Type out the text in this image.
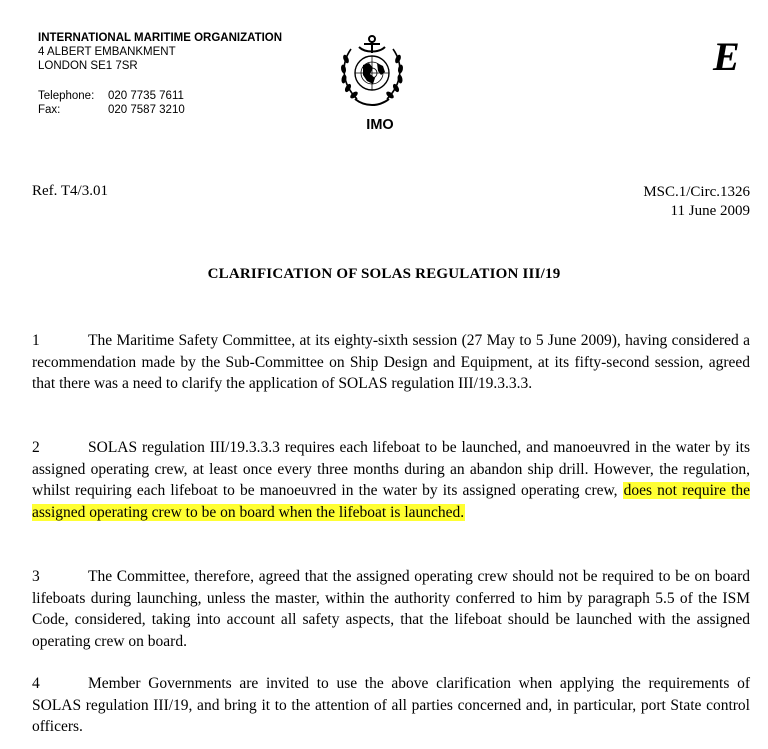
INTERNATIONAL MARITIME ORGANIZATION
4 ALBERT EMBANKMENT
LONDON SE1 7SR
Telephone:	020 7735 7611
Fax:	020 7587 3210
IMO
E
Ref. T4/3.01	MSC.1/Circ.1326
11 June 2009
CLARIFICATION OF SOLAS REGULATION III/19
1	The Maritime Safety Committee, at its eighty-sixth session (27 May to 5 June 2009), having considered a recommendation made by the Sub-Committee on Ship Design and Equipment, at its fifty-second session, agreed that there was a need to clarify the application of SOLAS regulation III/19.3.3.3.
2	SOLAS regulation III/19.3.3.3 requires each lifeboat to be launched, and manoeuvred in the water by its assigned operating crew, at least once every three months during an abandon ship drill. However, the regulation, whilst requiring each lifeboat to be manoeuvred in the water by its assigned operating crew, does not require the assigned operating crew to be on board when the lifeboat is launched.
3	The Committee, therefore, agreed that the assigned operating crew should not be required to be on board lifeboats during launching, unless the master, within the authority conferred to him by paragraph 5.5 of the ISM Code, considered, taking into account all safety aspects, that the lifeboat should be launched with the assigned operating crew on board.
4	Member Governments are invited to use the above clarification when applying the requirements of SOLAS regulation III/19, and bring it to the attention of all parties concerned and, in particular, port State control officers.
